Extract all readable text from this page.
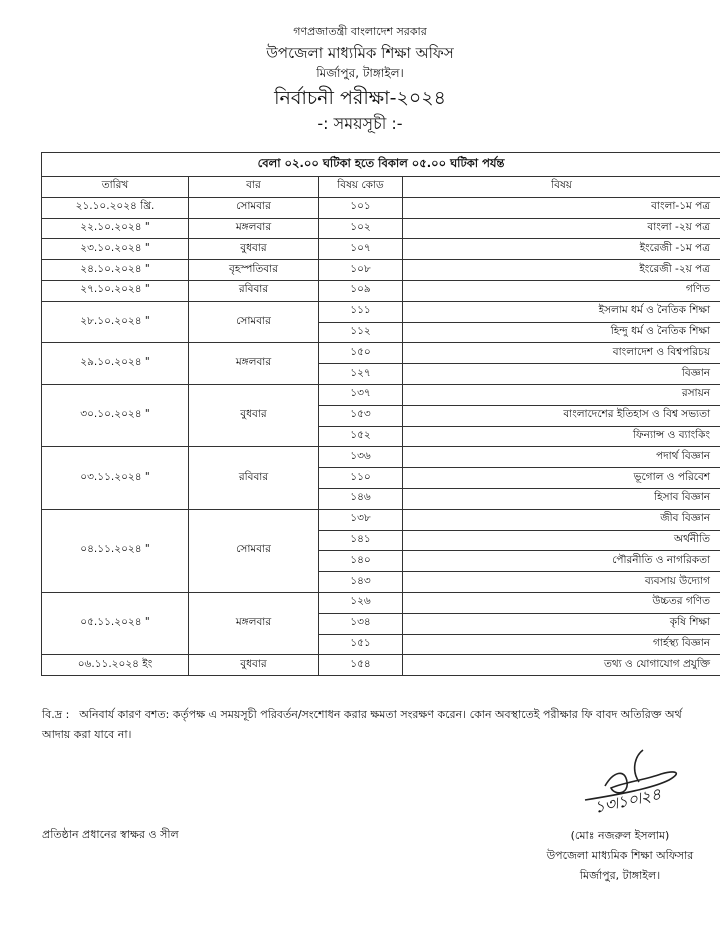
গণপ্রজাতন্ত্রী বাংলাদেশ সরকার
উপজেলা মাধ্যমিক শিক্ষা অফিস
মির্জাপুর, টাঙ্গাইল।
নির্বাচনী পরীক্ষা-২০২৪
-: সময়সূচী :-
বেলা ০২.০০ ঘটিকা হতে বিকাল ০৫.০০ ঘটিকা পর্যন্ত			
তারিখ	বার	বিষয় কোড	বিষয়
২১.১০.২০২৪ খ্রি.	সোমবার	১০১	বাংলা-১ম পত্র
২২.১০.২০২৪ "	মঙ্গলবার	১০২	বাংলা -২য় পত্র
২৩.১০.২০২৪ "	বুধবার	১০৭	ইংরেজী -১ম পত্র
২৪.১০.২০২৪ "	বৃহস্পতিবার	১০৮	ইংরেজী -২য় পত্র
২৭.১০.২০২৪ "	রবিবার	১০৯	গণিত
২৮.১০.২০২৪ "	সোমবার	১১১	ইসলাম ধর্ম ও নৈতিক শিক্ষা
		১১২	হিন্দু ধর্ম ও নৈতিক শিক্ষা
২৯.১০.২০২৪ "	মঙ্গলবার	১৫০	বাংলাদেশ ও বিশ্বপরিচয়
		১২৭	বিজ্ঞান
৩০.১০.২০২৪ "	বুধবার	১৩৭	রসায়ন
		১৫৩	বাংলাদেশের ইতিহাস ও বিশ্ব সভ্যতা
		১৫২	ফিন্যান্স ও ব্যাংকিং
০৩.১১.২০২৪ "	রবিবার	১৩৬	পদার্থ বিজ্ঞান
		১১০	ভূগোল ও পরিবেশ
		১৪৬	হিসাব বিজ্ঞান
০৪.১১.২০২৪ "	সোমবার	১৩৮	জীব বিজ্ঞান
		১৪১	অর্থনীতি
		১৪০	পৌরনীতি ও নাগরিকতা
		১৪৩	ব্যবসায় উদ্যোগ
০৫.১১.২০২৪ "	মঙ্গলবার	১২৬	উচ্চতর গণিত
		১৩৪	কৃষি শিক্ষা
		১৫১	গার্হস্থ্য বিজ্ঞান
০৬.১১.২০২৪ ইং	বুধবার	১৫৪	তথ্য ও যোগাযোগ প্রযুক্তি
বি.দ্র : অনিবার্য কারণ বশত: কর্তৃপক্ষ এ সময়সূচী পরিবর্তন/সংশোধন করার ক্ষমতা সংরক্ষণ করেন। কোন অবস্থাতেই পরীক্ষার ফি বাবদ অতিরিক্ত অর্থ আদায় করা যাবে না।
১৩৷১০৷২৪
প্রতিষ্ঠান প্রধানের স্বাক্ষর ও সীল	(মোঃ নজরুল ইসলাম)
উপজেলা মাধ্যমিক শিক্ষা অফিসার
মির্জাপুর, টাঙ্গাইল।
